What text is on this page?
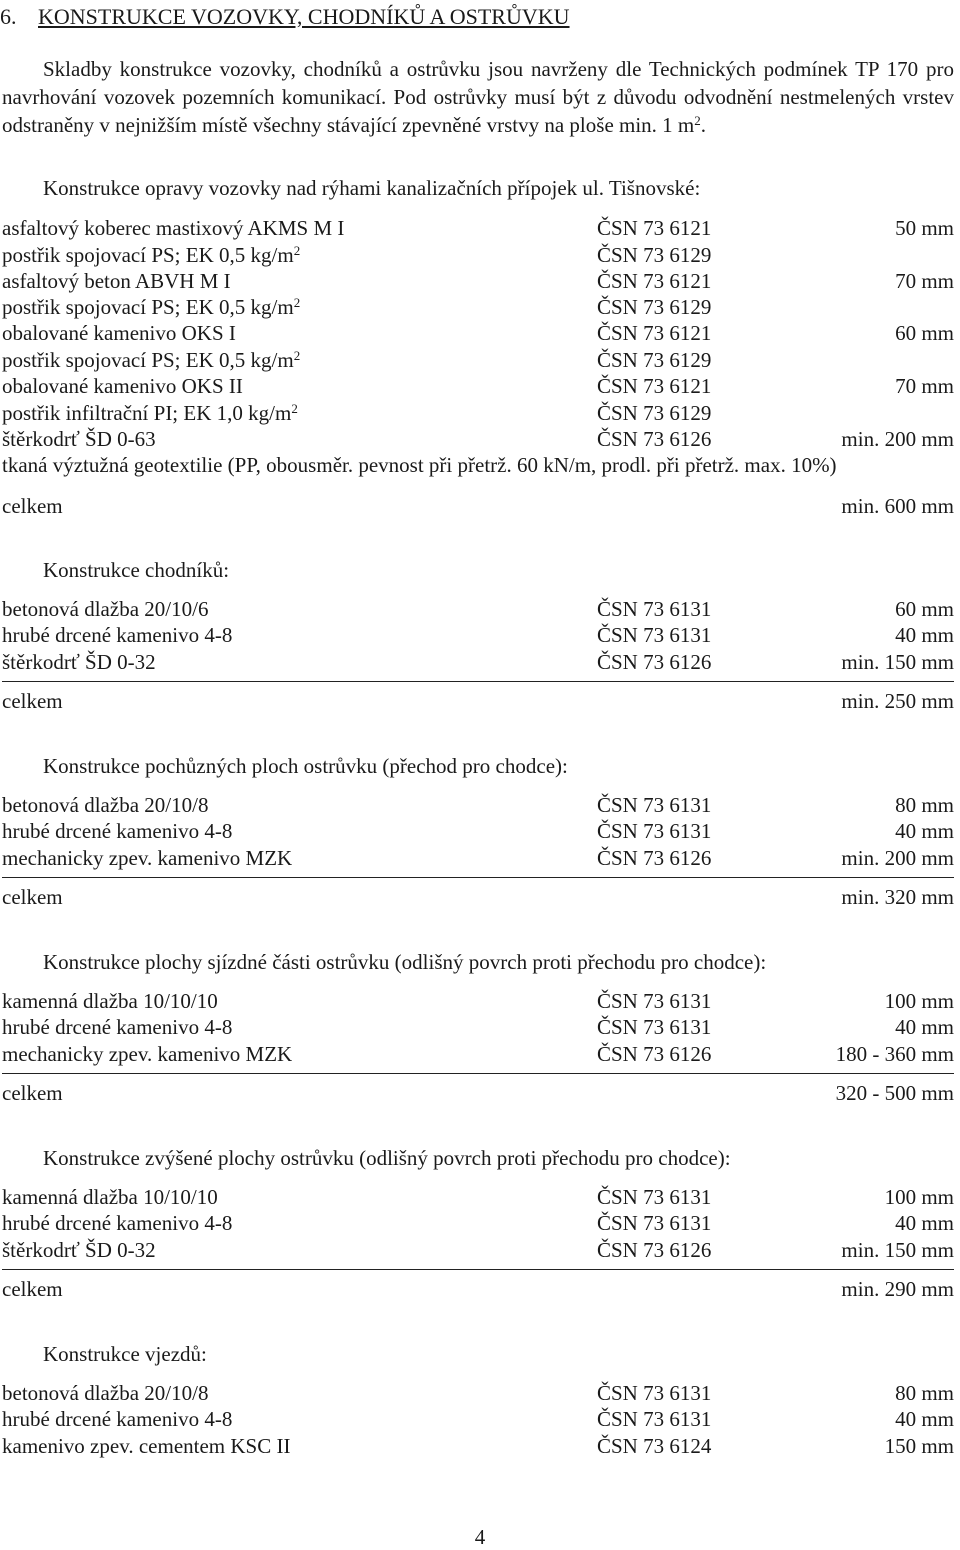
6. KONSTRUKCE VOZOVKY, CHODNÍKŮ A OSTRŮVKU
Skladby konstrukce vozovky, chodníků a ostrůvku jsou navrženy dle Technických podmínek TP 170 pro navrhování vozovek pozemních komunikací. Pod ostrůvky musí být z důvodu odvodnění nestmelených vrstev odstraněny v nejnižším místě všechny stávající zpevněné vrstvy na ploše min. 1 $m^2$.
Konstrukce opravy vozovky nad rýhami kanalizačních přípojek ul. Tišnovské:
asfaltový koberec mastixový AKMS M I	ČSN 73 6121	50 mm
postřik spojovací PS; EK 0,5 $kg/m^2$	ČSN 73 6129
asfaltový beton ABVH M I	ČSN 73 6121	70 mm
postřik spojovací PS; EK 0,5 $kg/m^2$	ČSN 73 6129
obalované kamenivo OKS I	ČSN 73 6121	60 mm
postřik spojovací PS; EK 0,5 $kg/m^2$	ČSN 73 6129
obalované kamenivo OKS II	ČSN 73 6121	70 mm
postřik infiltrační PI; EK 1,0 $kg/m^2$	ČSN 73 6129
štěrkodrť ŠD 0-63	ČSN 73 6126	min. 200 mm
tkaná výztužná geotextilie (PP, obousměr. pevnost při přetrž. 60 kN/m, prodl. při přetrž. max. 10%)
celkem	min. 600 mm
Konstrukce chodníků:
betonová dlažba 20/10/6	ČSN 73 6131	60 mm
hrubé drcené kamenivo 4-8	ČSN 73 6131	40 mm
štěrkodrť ŠD 0-32	ČSN 73 6126	min. 150 mm
celkem	min. 250 mm
Konstrukce pochůzných ploch ostrůvku (přechod pro chodce):
betonová dlažba 20/10/8	ČSN 73 6131	80 mm
hrubé drcené kamenivo 4-8	ČSN 73 6131	40 mm
mechanicky zpev. kamenivo MZK	ČSN 73 6126	min. 200 mm
celkem	min. 320 mm
Konstrukce plochy sjízdné části ostrůvku (odlišný povrch proti přechodu pro chodce):
kamenná dlažba 10/10/10	ČSN 73 6131	100 mm
hrubé drcené kamenivo 4-8	ČSN 73 6131	40 mm
mechanicky zpev. kamenivo MZK	ČSN 73 6126	180 - 360 mm
celkem	320 - 500 mm
Konstrukce zvýšené plochy ostrůvku (odlišný povrch proti přechodu pro chodce):
kamenná dlažba 10/10/10	ČSN 73 6131	100 mm
hrubé drcené kamenivo 4-8	ČSN 73 6131	40 mm
štěrkodrť ŠD 0-32	ČSN 73 6126	min. 150 mm
celkem	min. 290 mm
Konstrukce vjezdů:
betonová dlažba 20/10/8	ČSN 73 6131	80 mm
hrubé drcené kamenivo 4-8	ČSN 73 6131	40 mm
kamenivo zpev. cementem KSC II	ČSN 73 6124	150 mm
4
